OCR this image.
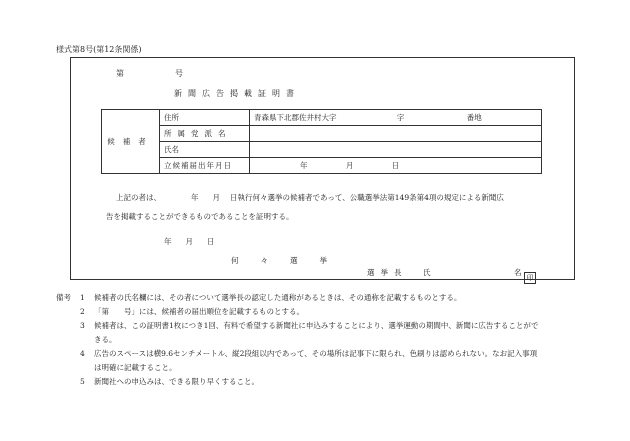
様式第8号(第12条関係)
第	号
新聞広告掲載証明書
候補者	住所	青森県下北郡佐井村大字 字 番地
	所属党派名	
	氏名	
	立候補届出年月日	年 月 日
上記の者は、	年 月 日執行何々選挙の候補者であって、公職選挙法第149条第4項の規定による新聞広
告を掲載することができるものであることを証明する。
年 月 日
何々選挙
選挙長 氏	名
印
備考	1	候補者の氏名欄には、その者について選挙長の認定した通称があるときは、その通称を記載するものとする。
2	「第　　号」には、候補者の届出順位を記載するものとする。
3	候補者は、この証明書1枚につき1回、有料で希望する新聞社に申込みすることにより、選挙運動の期間中、新聞に広告することがで
きる。
4	広告のスペースは横9.6センチメートル、縦2段組以内であって、その場所は記事下に限られ、色刷りは認められない。なお記入事項
は明確に記載すること。
5	新聞社への申込みは、できる限り早くすること。
